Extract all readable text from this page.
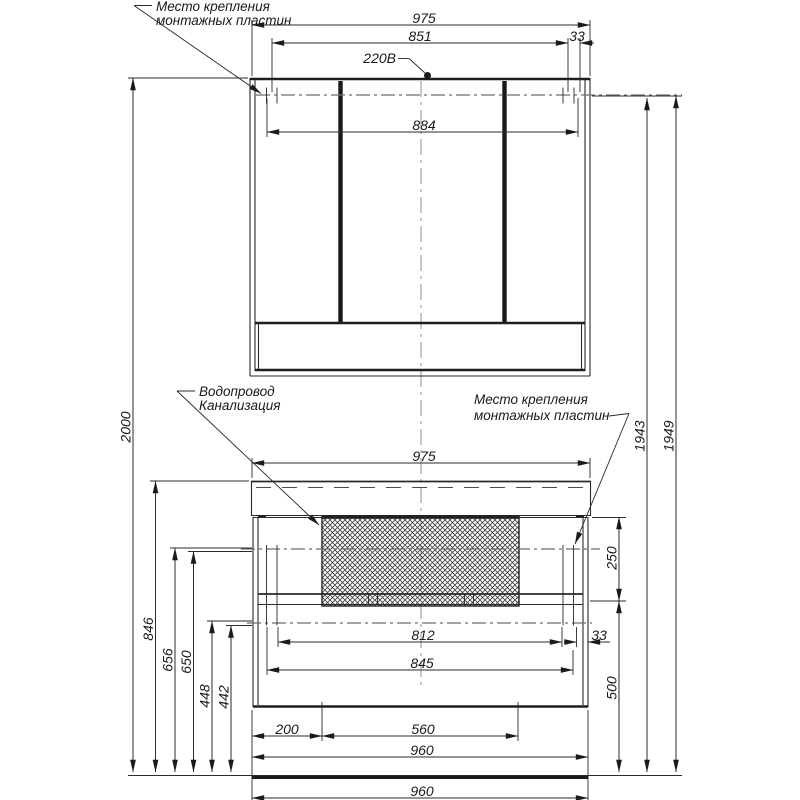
975
851	33
884
Место крепления
монтажных пластин
220В
Водопровод
Канализация	Место крепления
монтажных пластин
975
250
500
812	33
845
200	560
960
960
2000
846
656 650
448 442
1943 1949
